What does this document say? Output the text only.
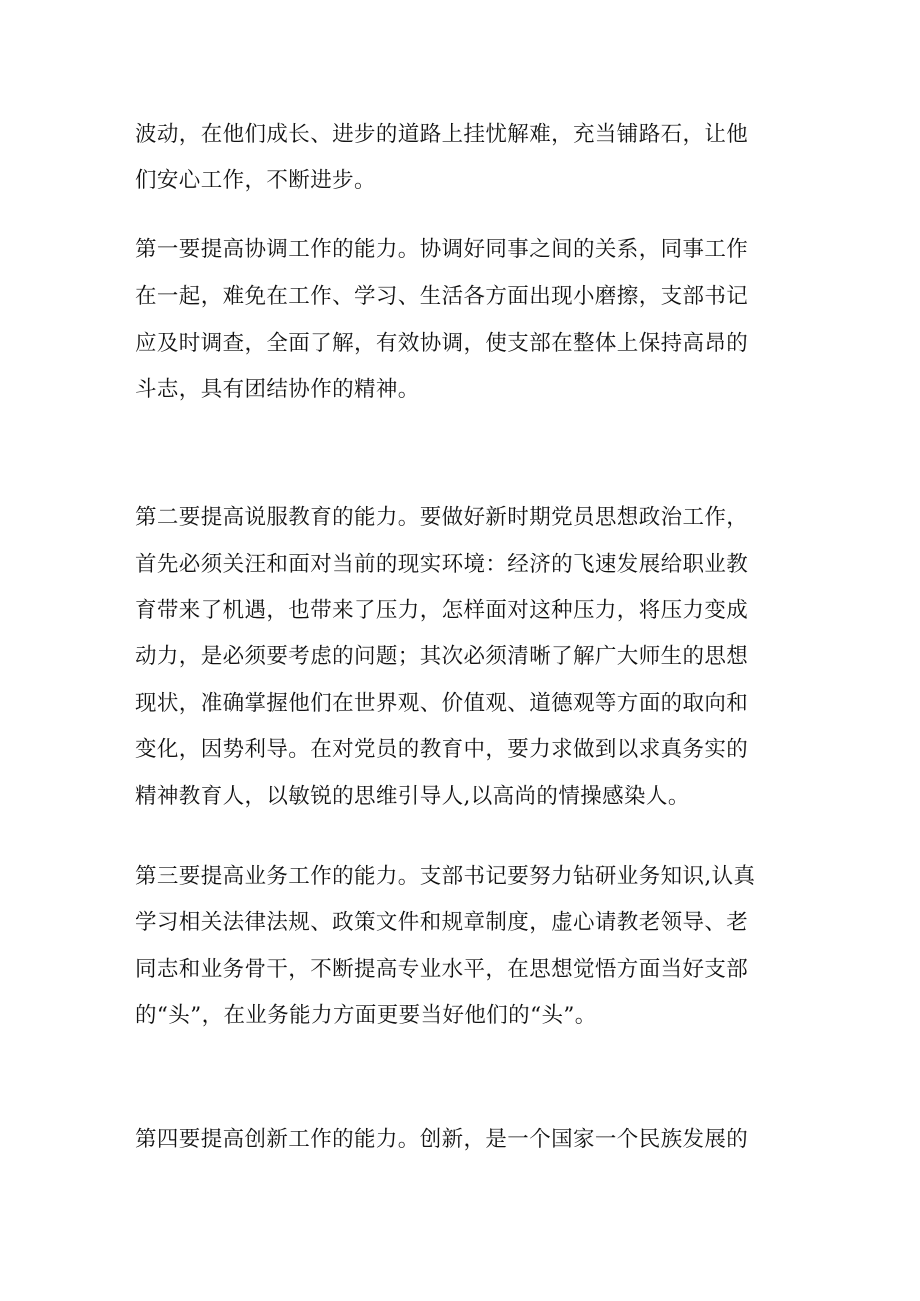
波动，在他们成长、进步的道路上挂忧解难，充当铺路石，让他
们安心工作，不断进步。
第一要提高协调工作的能力。协调好同事之间的关系，同事工作
在一起，难免在工作、学习、生活各方面出现小磨擦，支部书记
应及时调查，全面了解，有效协调，使支部在整体上保持高昂的
斗志，具有团结协作的精神。
第二要提高说服教育的能力。要做好新时期党员思想政治工作，
首先必须关汪和面对当前的现实环境：经济的飞速发展给职业教
育带来了机遇，也带来了压力，怎样面对这种压力，将压力变成
动力，是必须要考虑的问题；其次必须清晰了解广大师生的思想
现状，准确掌握他们在世界观、价值观、道德观等方面的取向和
变化，因势利导。在对党员的教育中，要力求做到以求真务实的
精神教育人，以敏锐的思维引导人,以高尚的情操感染人。
第三要提高业务工作的能力。支部书记要努力钻研业务知识,认真
学习相关法律法规、政策文件和规章制度，虚心请教老领导、老
同志和业务骨干，不断提高专业水平，在思想觉悟方面当好支部
的“头”，在业务能力方面更要当好他们的“头”。
第四要提高创新工作的能力。创新，是一个国家一个民族发展的
